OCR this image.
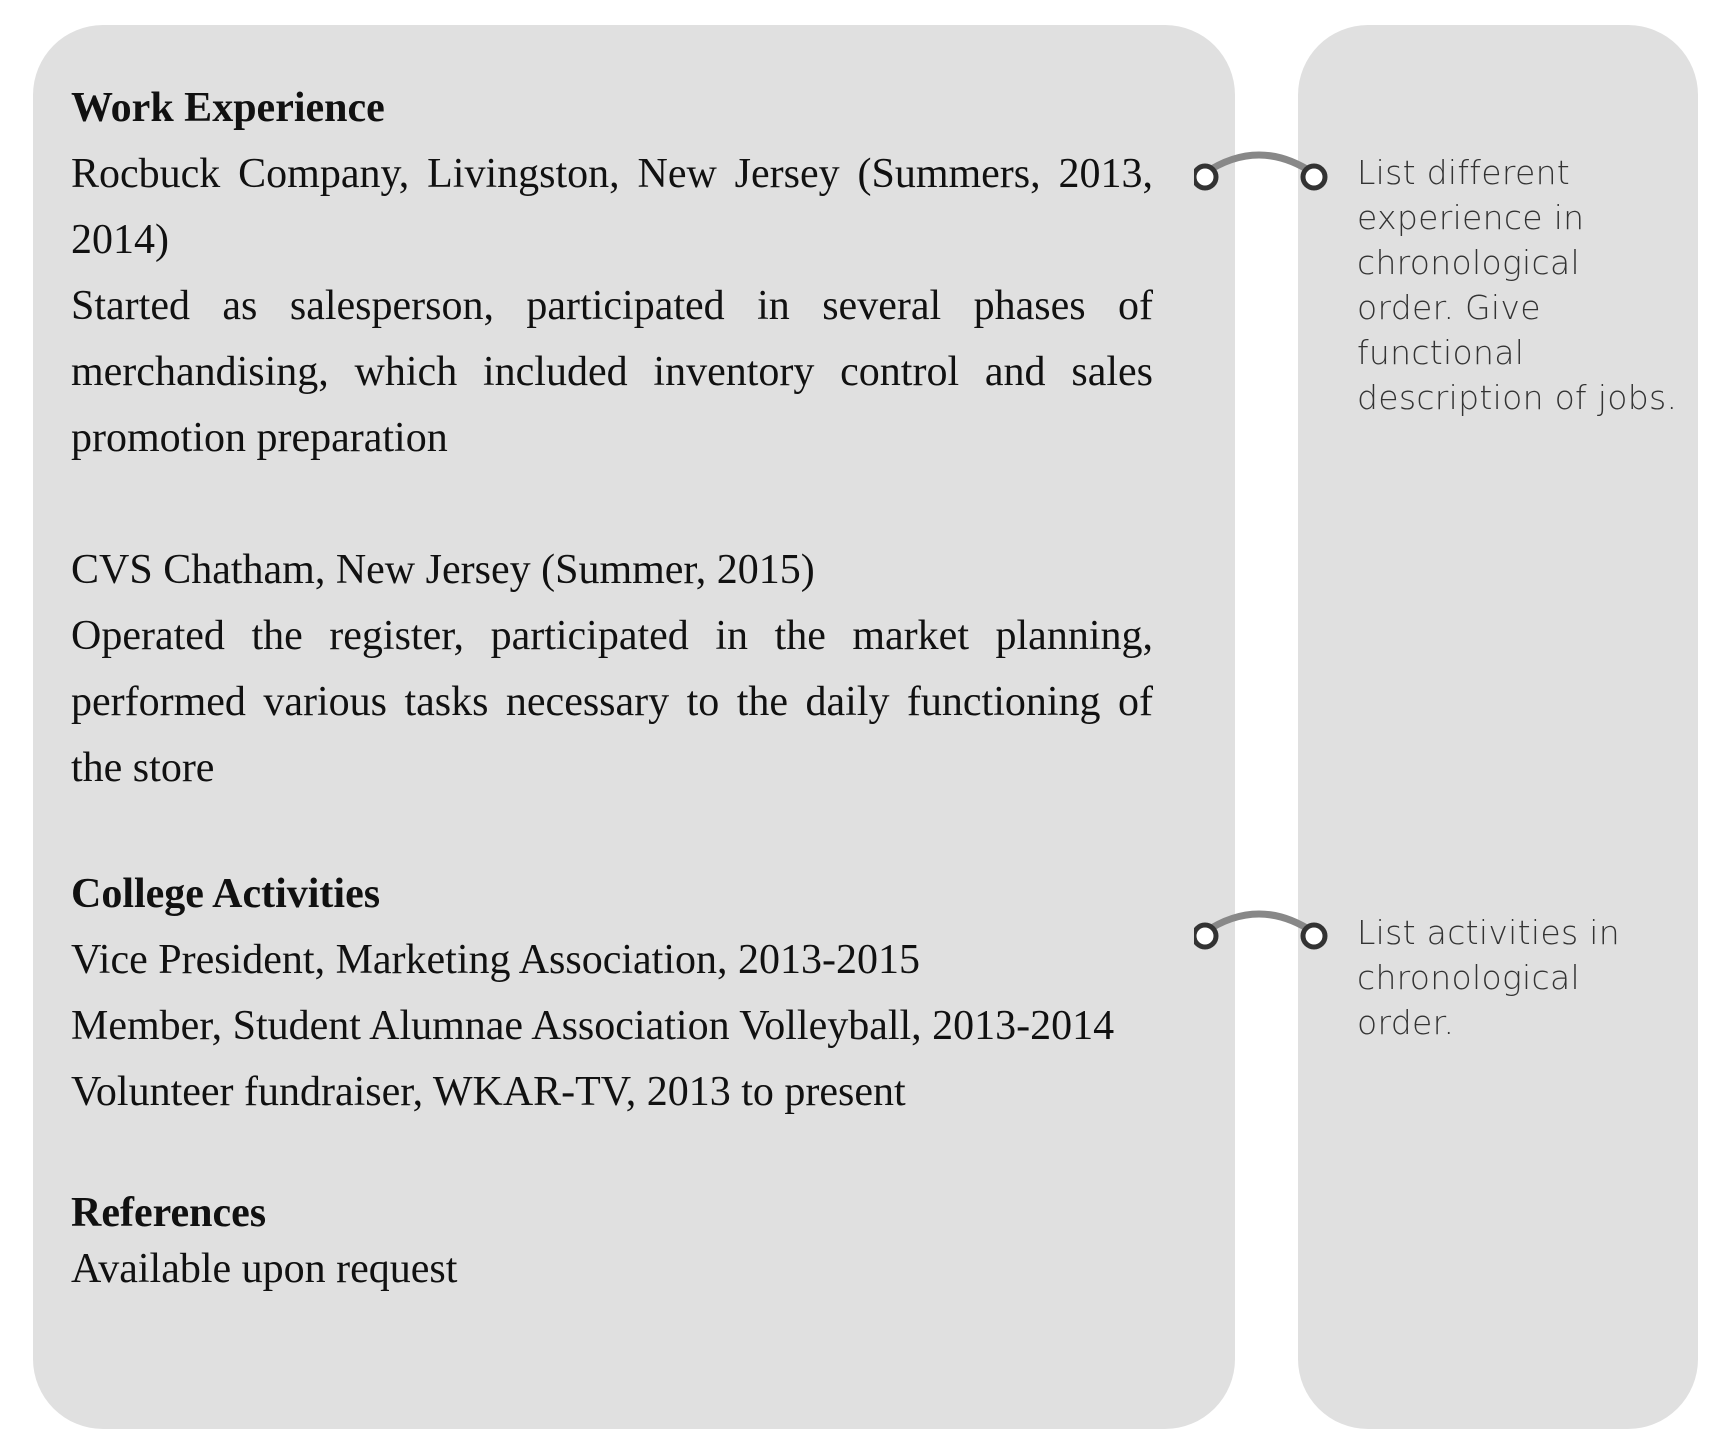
Work Experience

Rocbuck Company, Livingston, New Jersey (Summers, 2013, 2014)

Started as salesperson, participated in several phases of merchandising, which included inventory control and sales promotion preparation

CVS Chatham, New Jersey (Summer, 2015)

Operated the register, participated in the market planning, performed various tasks necessary to the daily functioning of the store

College Activities

Vice President, Marketing Association, 2013-2015

Member, Student Alumnae Association Volleyball, 2013-2014

Volunteer fundraiser, WKAR-TV, 2013 to present

References

Available upon request

List different experience in chronological order. Give functional description of jobs.
List activities in chronological order.
